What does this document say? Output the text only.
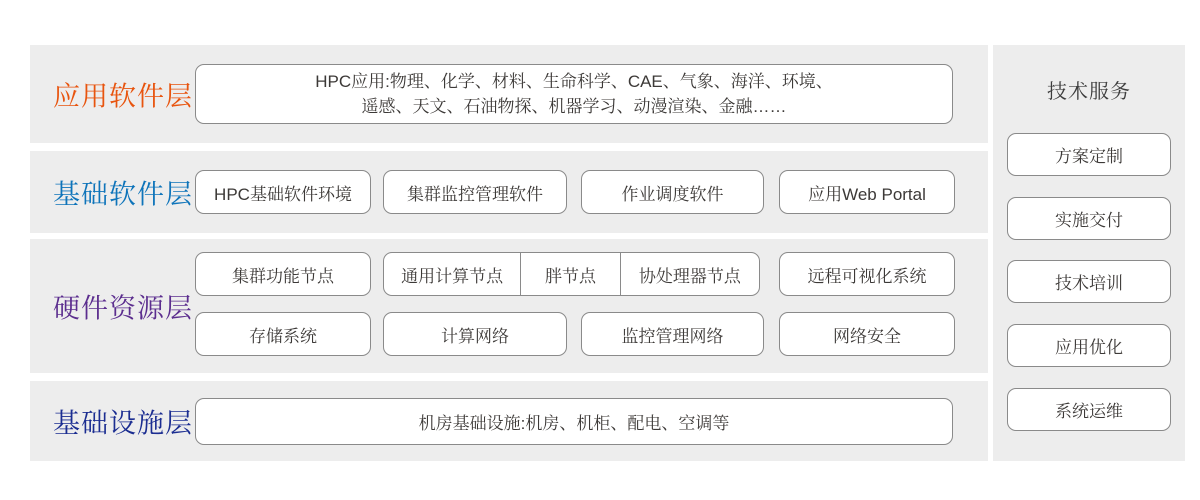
应用软件层	HPC应用:物理、化学、材料、生命科学、CAE、气象、海洋、环境、
遥感、天文、石油物探、机器学习、动漫渲染、金融……
基础软件层	HPC基础软件环境	集群监控管理软件	作业调度软件	应用Web Portal
硬件资源层
集群功能节点	通用计算节点	胖节点	协处理器节点	远程可视化系统
存储系统	计算网络	监控管理网络	网络安全
基础设施层	机房基础设施:机房、机柜、配电、空调等
技术服务
方案定制
实施交付
技术培训
应用优化
系统运维
